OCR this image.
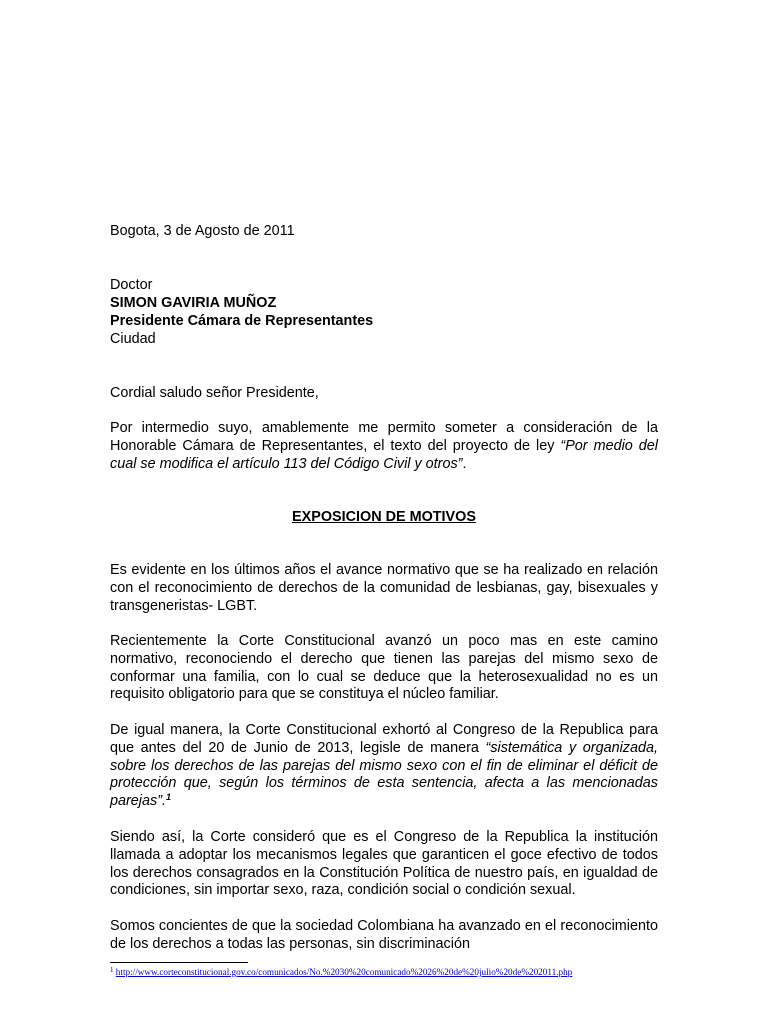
Bogota, 3 de Agosto de 2011

Doctor

SIMON GAVIRIA MUÑOZ

Presidente Cámara de Representantes

Ciudad

Cordial saludo señor Presidente,

Por intermedio suyo, amablemente me permito someter a consideración de la Honorable Cámara de Representantes, el texto del proyecto de ley “Por medio del cual se modifica el artículo 113 del Código Civil y otros”.

EXPOSICION DE MOTIVOS

Es evidente en los últimos años el avance normativo que se ha realizado en relación con el reconocimiento de derechos de la comunidad de lesbianas, gay, bisexuales y transgeneristas- LGBT.

Recientemente la Corte Constitucional avanzó un poco mas en este camino normativo, reconociendo el derecho que tienen las parejas del mismo sexo de conformar una familia, con lo cual se deduce que la heterosexualidad no es un requisito obligatorio para que se constituya el núcleo familiar.

De igual manera, la Corte Constitucional exhortó al Congreso de la Republica para que antes del 20 de Junio de 2013, legisle de manera “sistemática y organizada, sobre los derechos de las parejas del mismo sexo con el fin de eliminar el déficit de protección que, según los términos de esta sentencia, afecta a las mencionadas parejas”.$^1$

Siendo así, la Corte consideró que es el Congreso de la Republica la institución llamada a adoptar los mecanismos legales que garanticen el goce efectivo de todos los derechos consagrados en la Constitución Política de nuestro país, en igualdad de condiciones, sin importar sexo, raza, condición social o condición sexual.

Somos concientes de que la sociedad Colombiana ha avanzado en el reconocimiento de los derechos a todas las personas, sin discriminación

$^1$ http://www.corteconstitucional.gov.co/comunicados/No.%2030%20comunicado%2026%20de%20julio%20de%202011.php
